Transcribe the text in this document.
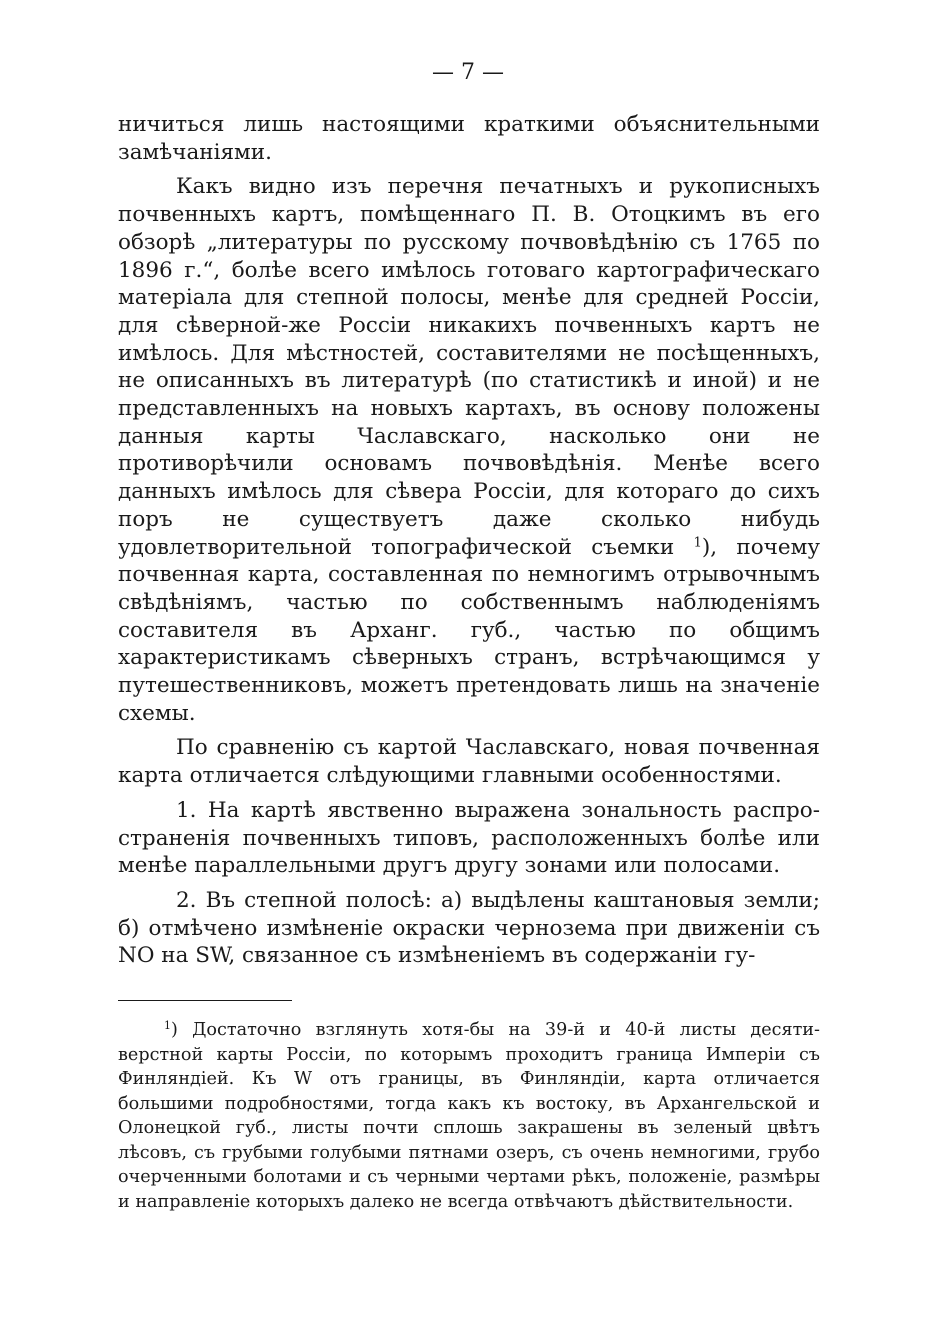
— 7 —

ничиться лишь настоящими краткими объяснительными замѣчаніями.

Какъ видно изъ перечня печатныхъ и рукописныхъ почвенныхъ картъ, помѣщеннаго П. В. Отоцкимъ въ его обзорѣ „литературы по русскому почвовѣдѣнію съ 1765 по 1896 г.“, болѣе всего имѣлось готоваго картографическаго матеріала для степной полосы, менѣе для средней Россіи, для сѣверной-же Россіи никакихъ почвенныхъ картъ не имѣлось. Для мѣстностей, составителями не посѣщенныхъ, не описанныхъ въ литературѣ (по статистикѣ и иной) и не представленныхъ на новыхъ картахъ, въ основу положены данныя карты Чаславскаго, насколько они не противорѣчили основамъ почвовѣдѣнія. Менѣе всего данныхъ имѣлось для сѣвера Россіи, для котораго до сихъ поръ не существуетъ даже сколько нибудь удовлетворительной топографической съемки $^1$), почему почвенная карта, составленная по немногимъ отрывочнымъ свѣдѣніямъ, частью по собственнымъ наблюденіямъ составителя въ Арханг. губ., частью по общимъ характеристикамъ сѣверныхъ странъ, встрѣчающимся у путешественниковъ, можетъ претендовать лишь на значеніе схемы.

По сравненію съ картой Чаславскаго, новая почвенная карта отличается слѣдующими главными особенностями.

1. На картѣ явственно выражена зональность распространенія почвенныхъ типовъ, расположенныхъ болѣе или менѣе параллельными другъ другу зонами или полосами.

2. Въ степной полосѣ: а) выдѣлены каштановыя земли; б) отмѣчено измѣненіе окраски чернозема при движеніи съ NO на SW, связанное съ измѣненіемъ въ содержаніи гу-

$^1$) Достаточно взглянуть хотя-бы на 39-й и 40-й листы десятиверстной карты Россіи, по которымъ проходитъ граница Имперіи съ Финляндіей. Къ W отъ границы, въ Финляндіи, карта отличается большими подробностями, тогда какъ къ востоку, въ Архангельской и Олонецкой губ., листы почти сплошь закрашены въ зеленый цвѣтъ лѣсовъ, съ грубыми голубыми пятнами озеръ, съ очень немногими, грубо очерченными болотами и съ черными чертами рѣкъ, положеніе, размѣры и направленіе которыхъ далеко не всегда отвѣчаютъ дѣйствительности.
